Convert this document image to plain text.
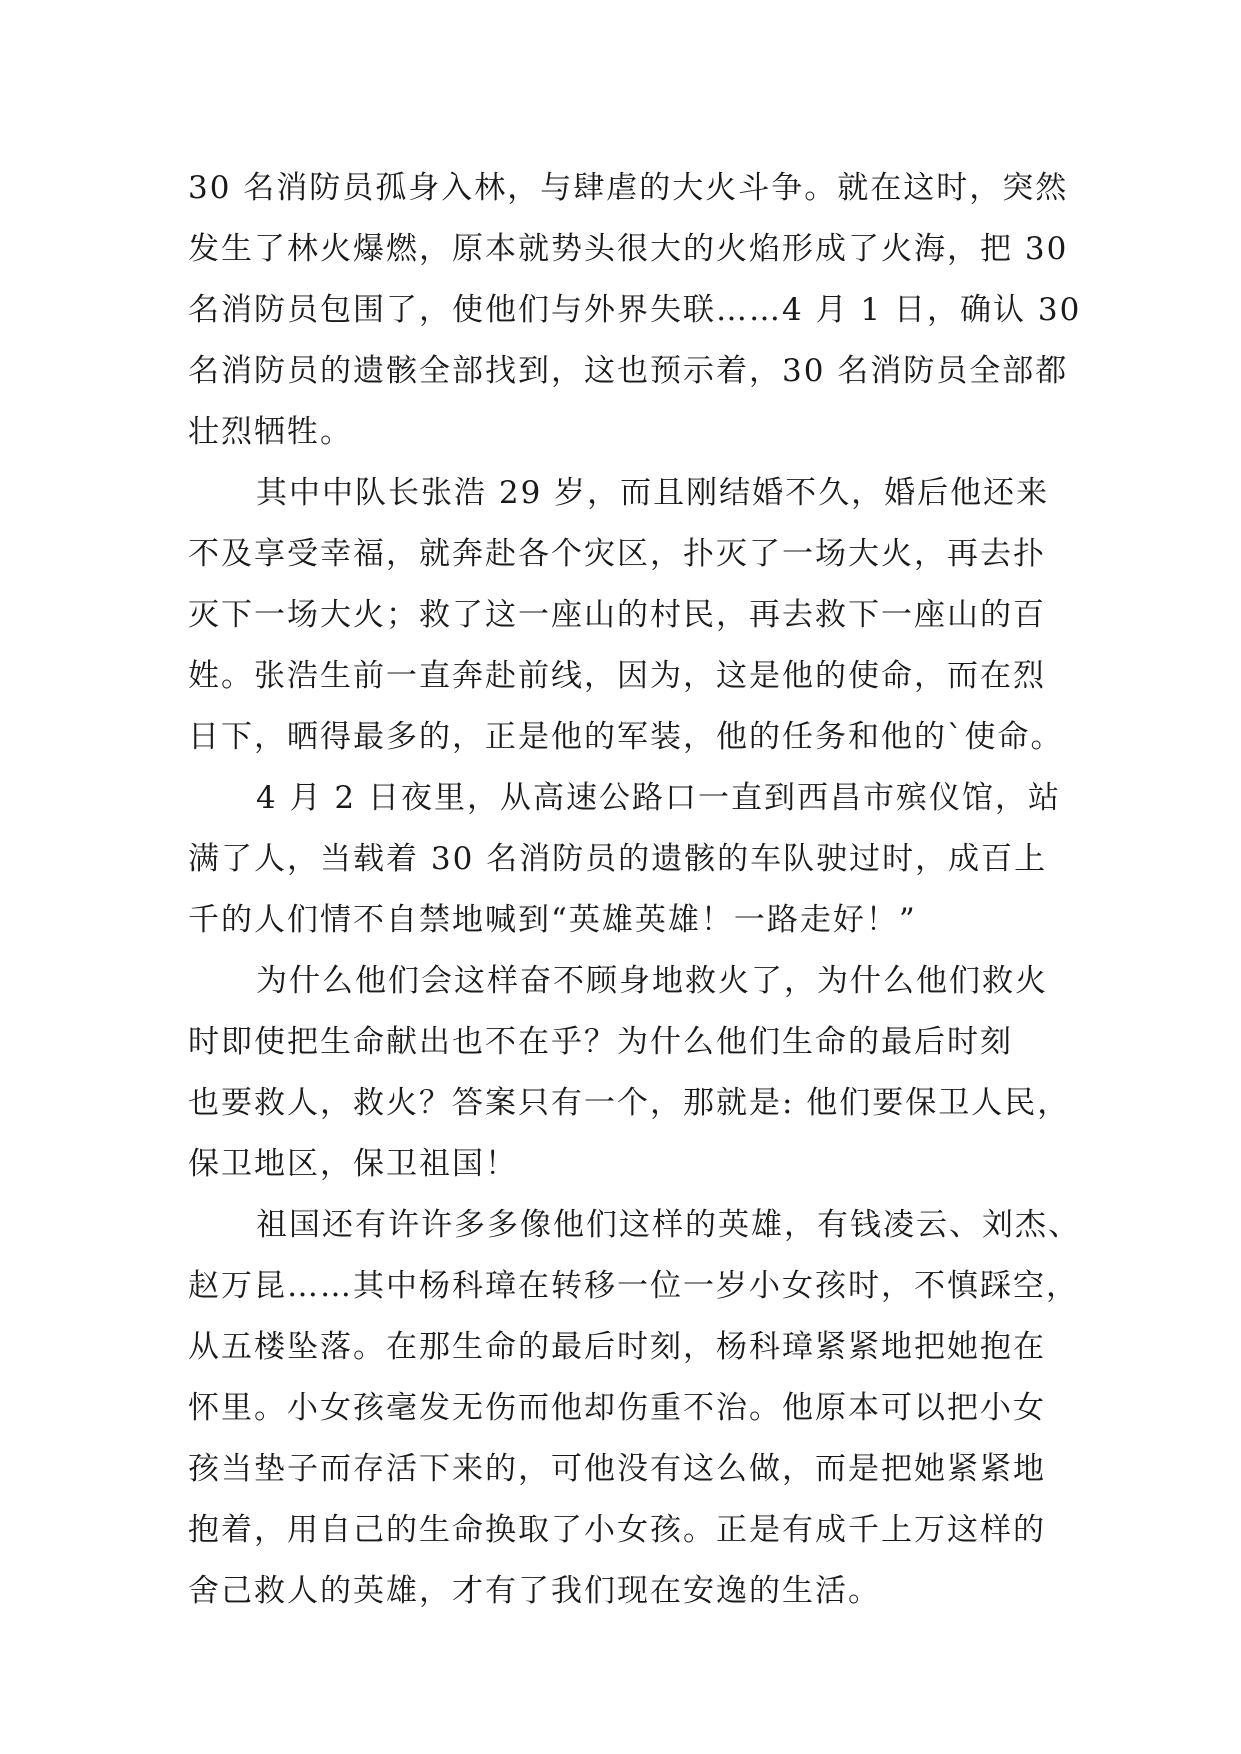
30 名消防员孤身入林，与肆虐的大火斗争。就在这时，突然
发生了林火爆燃，原本就势头很大的火焰形成了火海，把 30
名消防员包围了，使他们与外界失联……4 月 1 日，确认 30
名消防员的遗骸全部找到，这也预示着，30 名消防员全部都
壮烈牺牲。
其中中队长张浩 29 岁，而且刚结婚不久，婚后他还来
不及享受幸福，就奔赴各个灾区，扑灭了一场大火，再去扑
灭下一场大火；救了这一座山的村民，再去救下一座山的百
姓。张浩生前一直奔赴前线，因为，这是他的使命，而在烈
日下，晒得最多的，正是他的军装，他的任务和他的`使命。
4 月 2 日夜里，从高速公路口一直到西昌市殡仪馆，站
满了人，当载着 30 名消防员的遗骸的车队驶过时，成百上
千的人们情不自禁地喊到“英雄英雄！一路走好！”
为什么他们会这样奋不顾身地救火了，为什么他们救火
时即使把生命献出也不在乎？为什么他们生命的最后时刻
也要救人，救火？答案只有一个，那就是: 他们要保卫人民，
保卫地区，保卫祖国！
祖国还有许许多多像他们这样的英雄，有钱凌云、刘杰、
赵万昆……其中杨科璋在转移一位一岁小女孩时，不慎踩空，
从五楼坠落。在那生命的最后时刻，杨科璋紧紧地把她抱在
怀里。小女孩毫发无伤而他却伤重不治。他原本可以把小女
孩当垫子而存活下来的，可他没有这么做，而是把她紧紧地
抱着，用自己的生命换取了小女孩。正是有成千上万这样的
舍己救人的英雄，才有了我们现在安逸的生活。
